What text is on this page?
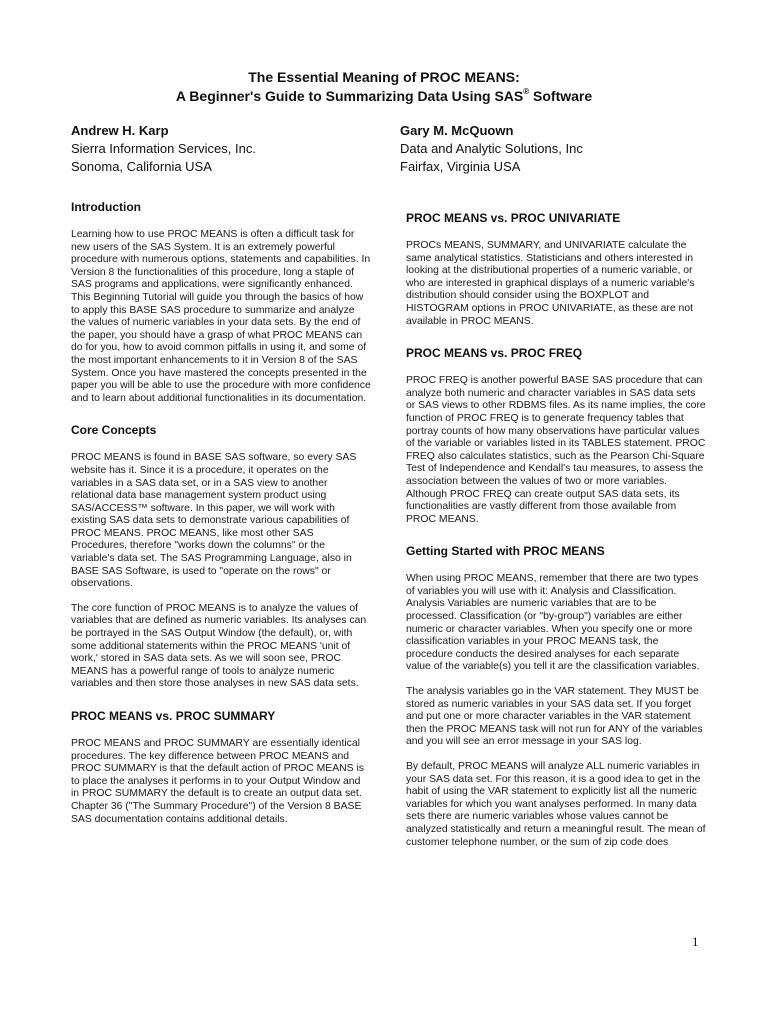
The Essential Meaning of PROC MEANS:
A Beginner's Guide to Summarizing Data Using SAS® Software
Andrew H. Karp
Sierra Information Services, Inc.
Sonoma, California USA
Gary M. McQuown
Data and Analytic Solutions, Inc
Fairfax, Virginia USA
Introduction

Learning how to use PROC MEANS is often a difficult task for new users of the SAS System. It is an extremely powerful procedure with numerous options, statements and capabilities. In Version 8 the functionalities of this procedure, long a staple of SAS programs and applications, were significantly enhanced. This Beginning Tutorial will guide you through the basics of how to apply this BASE SAS procedure to summarize and analyze the values of numeric variables in your data sets. By the end of the paper, you should have a grasp of what PROC MEANS can do for you, how to avoid common pitfalls in using it, and some of the most important enhancements to it in Version 8 of the SAS System. Once you have mastered the concepts presented in the paper you will be able to use the procedure with more confidence and to learn about additional functionalities in its documentation.

Core Concepts

PROC MEANS is found in BASE SAS software, so every SAS website has it. Since it is a procedure, it operates on the variables in a SAS data set, or in a SAS view to another relational data base management system product using SAS/ACCESS™ software. In this paper, we will work with existing SAS data sets to demonstrate various capabilities of PROC MEANS. PROC MEANS, like most other SAS Procedures, therefore "works down the columns" or the variable's data set. The SAS Programming Language, also in BASE SAS Software, is used to "operate on the rows" or observations.

The core function of PROC MEANS is to analyze the values of variables that are defined as numeric variables. Its analyses can be portrayed in the SAS Output Window (the default), or, with some additional statements within the PROC MEANS 'unit of work,' stored in SAS data sets. As we will soon see, PROC MEANS has a powerful range of tools to analyze numeric variables and then store those analyses in new SAS data sets.

PROC MEANS vs. PROC SUMMARY

PROC MEANS and PROC SUMMARY are essentially identical procedures. The key difference between PROC MEANS and PROC SUMMARY is that the default action of PROC MEANS is to place the analyses it performs in to your Output Window and in PROC SUMMARY the default is to create an output data set. Chapter 36 ("The Summary Procedure") of the Version 8 BASE SAS documentation contains additional details.

PROC MEANS vs. PROC UNIVARIATE

PROCs MEANS, SUMMARY, and UNIVARIATE calculate the same analytical statistics. Statisticians and others interested in looking at the distributional properties of a numeric variable, or who are interested in graphical displays of a numeric variable's distribution should consider using the BOXPLOT and HISTOGRAM options in PROC UNIVARIATE, as these are not available in PROC MEANS.

PROC MEANS vs. PROC FREQ

PROC FREQ is another powerful BASE SAS procedure that can analyze both numeric and character variables in SAS data sets or SAS views to other RDBMS files. As its name implies, the core function of PROC FREQ is to generate frequency tables that portray counts of how many observations have particular values of the variable or variables listed in its TABLES statement. PROC FREQ also calculates statistics, such as the Pearson Chi-Square Test of Independence and Kendall's tau measures, to assess the association between the values of two or more variables. Although PROC FREQ can create output SAS data sets, its functionalities are vastly different from those available from PROC MEANS.

Getting Started with PROC MEANS

When using PROC MEANS, remember that there are two types of variables you will use with it: Analysis and Classification. Analysis Variables are numeric variables that are to be processed. Classification (or "by-group") variables are either numeric or character variables. When you specify one or more classification variables in your PROC MEANS task, the procedure conducts the desired analyses for each separate value of the variable(s) you tell it are the classification variables.

The analysis variables go in the VAR statement. They MUST be stored as numeric variables in your SAS data set. If you forget and put one or more character variables in the VAR statement then the PROC MEANS task will not run for ANY of the variables and you will see an error message in your SAS log.

By default, PROC MEANS will analyze ALL numeric variables in your SAS data set. For this reason, it is a good idea to get in the habit of using the VAR statement to explicitly list all the numeric variables for which you want analyses performed. In many data sets there are numeric variables whose values cannot be analyzed statistically and return a meaningful result. The mean of customer telephone number, or the sum of zip code does

1
